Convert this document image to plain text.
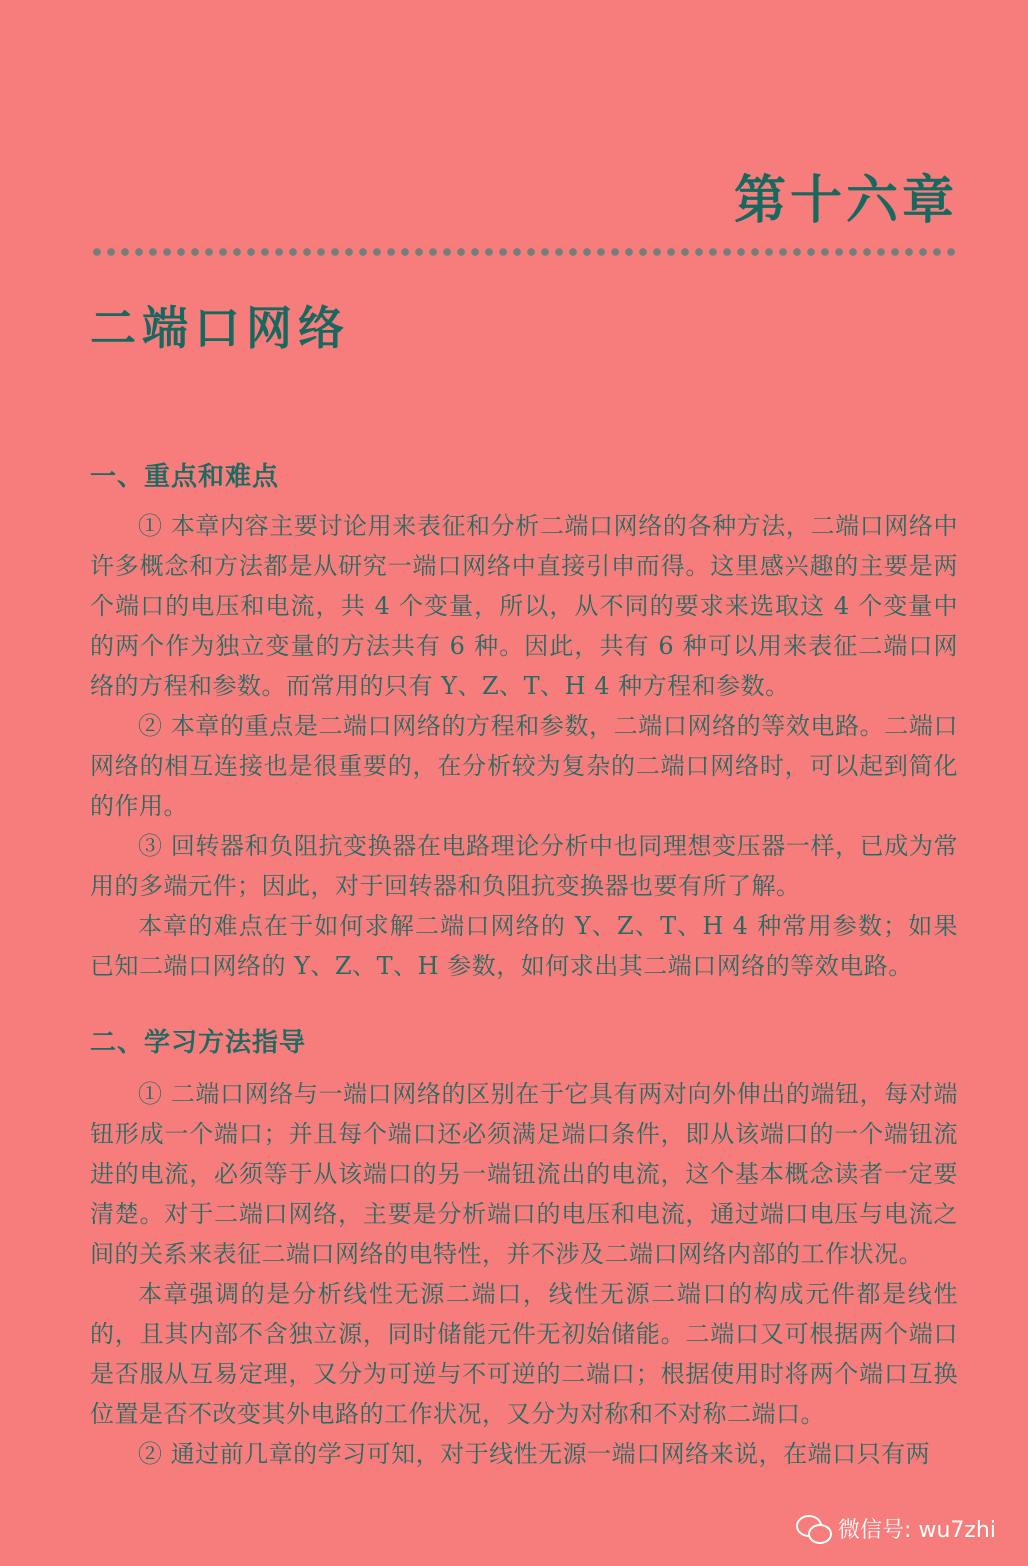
第十六章
二端口网络
一、重点和难点

① 本章内容主要讨论用来表征和分析二端口网络的各种方法，二端口网络中许多概念和方法都是从研究一端口网络中直接引申而得。这里感兴趣的主要是两个端口的电压和电流，共 4 个变量，所以，从不同的要求来选取这 4 个变量中的两个作为独立变量的方法共有 6 种。因此，共有 6 种可以用来表征二端口网络的方程和参数。而常用的只有 Y、Z、T、H 4 种方程和参数。

② 本章的重点是二端口网络的方程和参数，二端口网络的等效电路。二端口网络的相互连接也是很重要的，在分析较为复杂的二端口网络时，可以起到简化的作用。

③ 回转器和负阻抗变换器在电路理论分析中也同理想变压器一样，已成为常用的多端元件；因此，对于回转器和负阻抗变换器也要有所了解。

本章的难点在于如何求解二端口网络的 Y、Z、T、H 4 种常用参数；如果已知二端口网络的 Y、Z、T、H 参数，如何求出其二端口网络的等效电路。

二、学习方法指导

① 二端口网络与一端口网络的区别在于它具有两对向外伸出的端钮，每对端钮形成一个端口；并且每个端口还必须满足端口条件，即从该端口的一个端钮流进的电流，必须等于从该端口的另一端钮流出的电流，这个基本概念读者一定要清楚。对于二端口网络，主要是分析端口的电压和电流，通过端口电压与电流之间的关系来表征二端口网络的电特性，并不涉及二端口网络内部的工作状况。

本章强调的是分析线性无源二端口，线性无源二端口的构成元件都是线性的，且其内部不含独立源，同时储能元件无初始储能。二端口又可根据两个端口是否服从互易定理，又分为可逆与不可逆的二端口；根据使用时将两个端口互换位置是否不改变其外电路的工作状况，又分为对称和不对称二端口。

② 通过前几章的学习可知，对于线性无源一端口网络来说，在端口只有两

微信号: wu7zhi
